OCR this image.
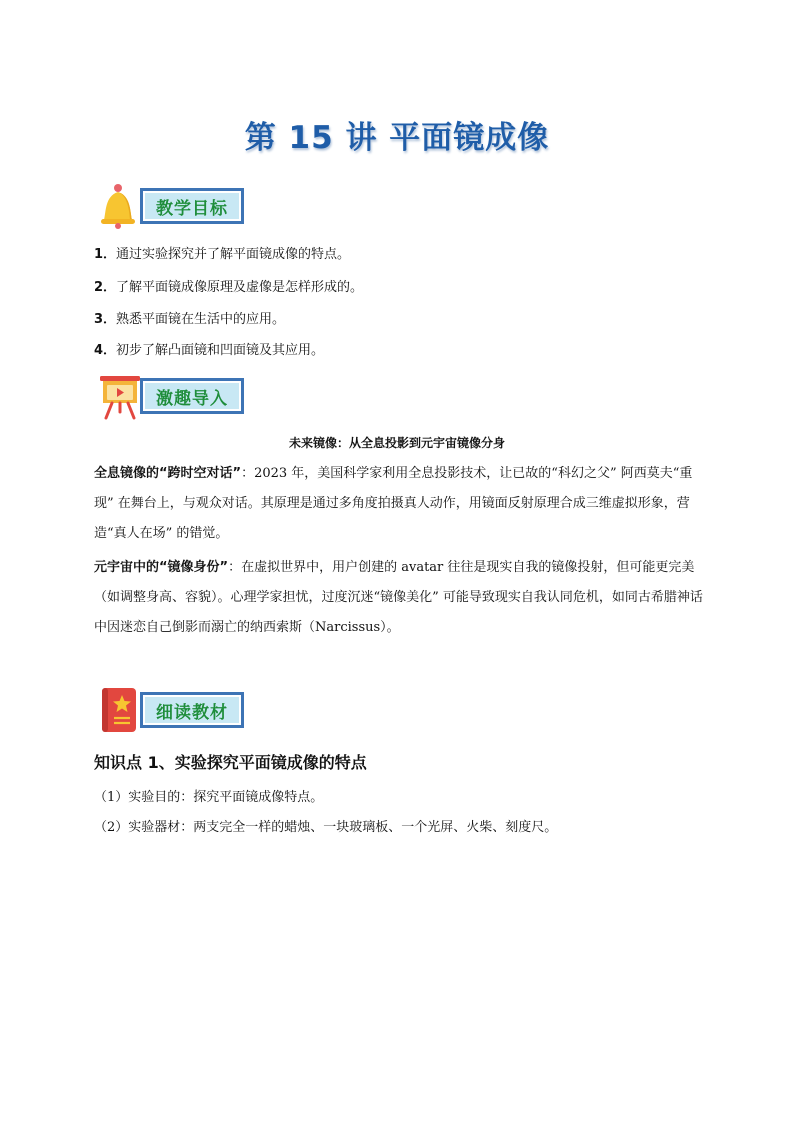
第 15 讲 平面镜成像
教学目标
1．通过实验探究并了解平面镜成像的特点。
2．了解平面镜成像原理及虚像是怎样形成的。
3．熟悉平面镜在生活中的应用。
4．初步了解凸面镜和凹面镜及其应用。
激趣导入
未来镜像：从全息投影到元宇宙镜像分身
全息镜像的“跨时空对话”：2023 年，美国科学家利用全息投影技术，让已故的“科幻之父” 阿西莫夫“重现” 在舞台上，与观众对话。其原理是通过多角度拍摄真人动作，用镜面反射原理合成三维虚拟形象，营造“真人在场” 的错觉。
元宇宙中的“镜像身份”：在虚拟世界中，用户创建的 avatar 往往是现实自我的镜像投射，但可能更完美（如调整身高、容貌）。心理学家担忧，过度沉迷“镜像美化” 可能导致现实自我认同危机，如同古希腊神话中因迷恋自己倒影而溺亡的纳西索斯（Narcissus）。
细读教材
知识点 1、实验探究平面镜成像的特点
（1）实验目的：探究平面镜成像特点。
（2）实验器材：两支完全一样的蜡烛、一块玻璃板、一个光屏、火柴、刻度尺。
